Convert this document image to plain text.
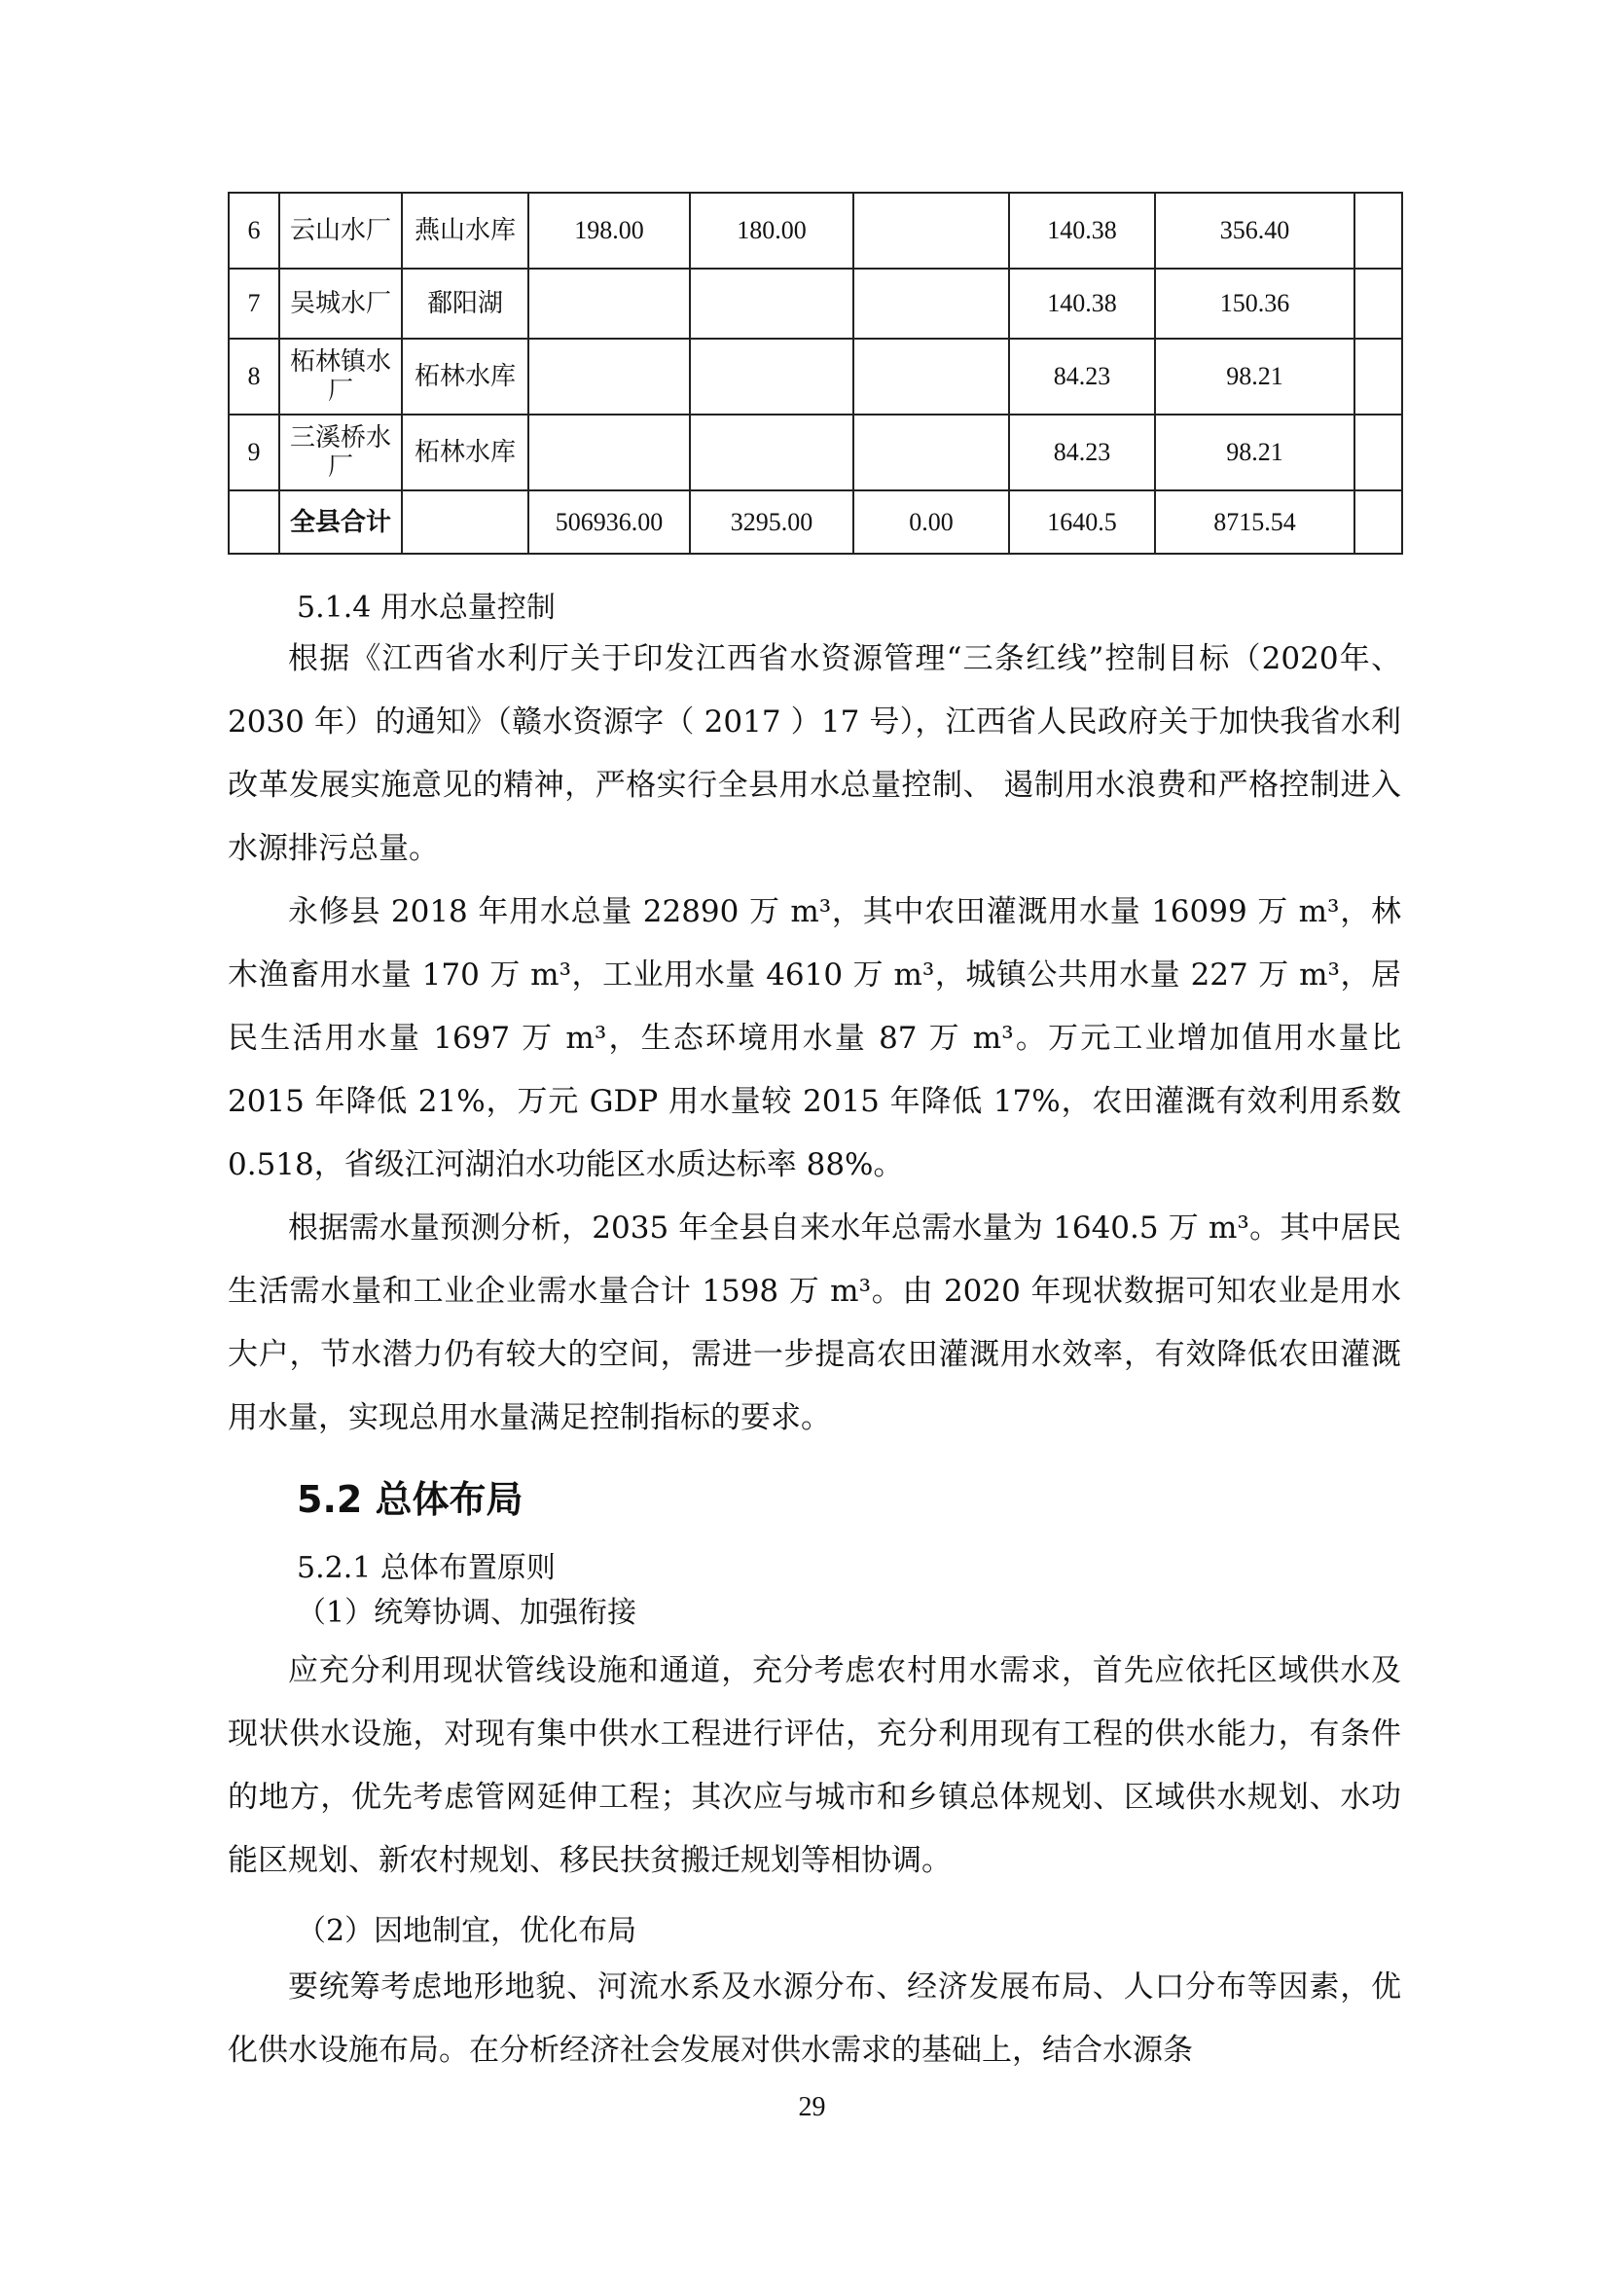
6	云山水厂	燕山水库	198.00	180.00		140.38	356.40	
7	吴城水厂	鄱阳湖				140.38	150.36	
8	柘林镇水厂	柘林水库				84.23	98.21	
9	三溪桥水厂	柘林水库				84.23	98.21	
	全县合计		506936.00	3295.00	0.00	1640.5	8715.54	
5.1.4 用水总量控制

根据《江西省水利厅关于印发江西省水资源管理“三条红线”控制目标（2020年、2030 年）的通知》（赣水资源字（ 2017 ）17 号），江西省人民政府关于加快我省水利改革发展实施意见的精神，严格实行全县用水总量控制、 遏制用水浪费和严格控制进入水源排污总量。

永修县 2018 年用水总量 22890 万 m³，其中农田灌溉用水量 16099 万 m³，林木渔畜用水量 170 万 m³，工业用水量 4610 万 m³，城镇公共用水量 227 万 m³，居民生活用水量 1697 万 m³，生态环境用水量 87 万 m³。万元工业增加值用水量比 2015 年降低 21%，万元 GDP 用水量较 2015 年降低 17%，农田灌溉有效利用系数 0.518，省级江河湖泊水功能区水质达标率 88%。

根据需水量预测分析，2035 年全县自来水年总需水量为 1640.5 万 m³。其中居民生活需水量和工业企业需水量合计 1598 万 m³。由 2020 年现状数据可知农业是用水大户，节水潜力仍有较大的空间，需进一步提高农田灌溉用水效率，有效降低农田灌溉用水量，实现总用水量满足控制指标的要求。

5.2 总体布局
5.2.1 总体布置原则
（1）统筹协调、加强衔接

应充分利用现状管线设施和通道，充分考虑农村用水需求，首先应依托区域供水及现状供水设施，对现有集中供水工程进行评估，充分利用现有工程的供水能力，有条件的地方，优先考虑管网延伸工程；其次应与城市和乡镇总体规划、区域供水规划、水功能区规划、新农村规划、移民扶贫搬迁规划等相协调。

（2）因地制宜，优化布局

要统筹考虑地形地貌、河流水系及水源分布、经济发展布局、人口分布等因素，优化供水设施布局。在分析经济社会发展对供水需求的基础上，结合水源条

29
